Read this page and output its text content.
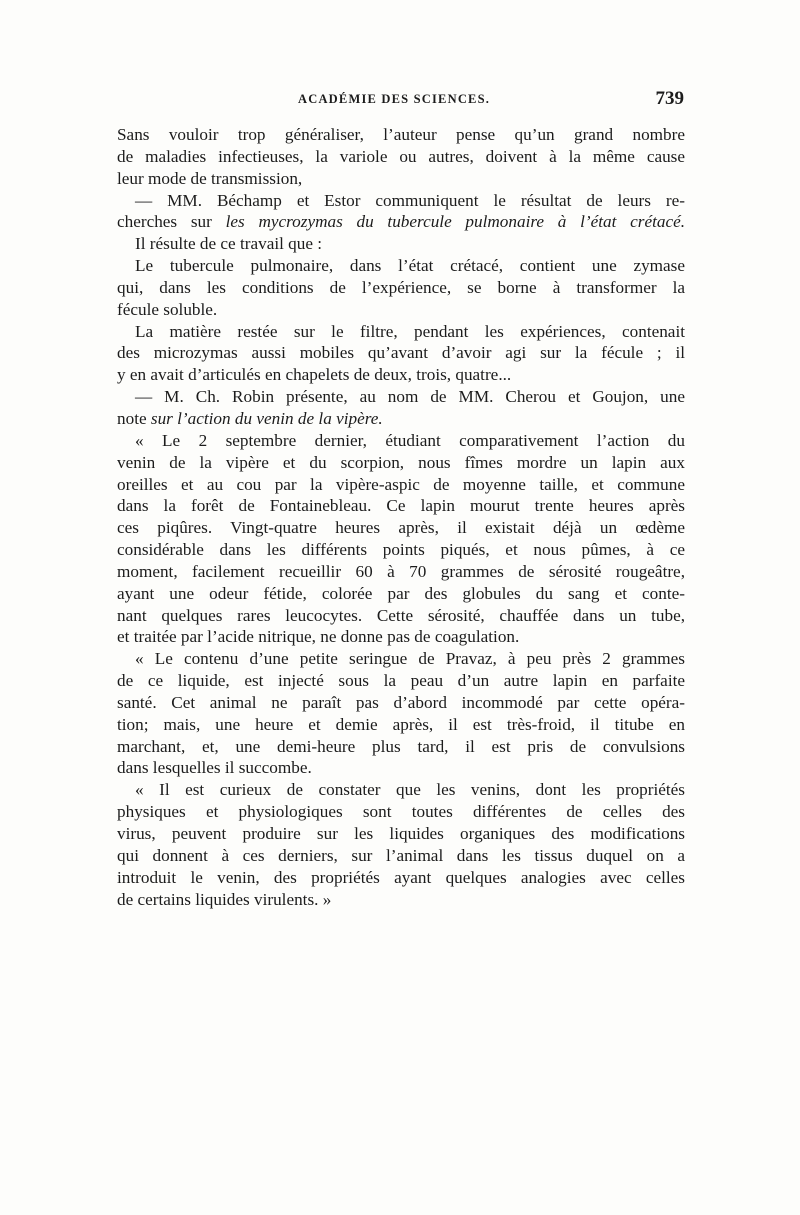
ACADÉMIE DES SCIENCES.	739
Sans vouloir trop généraliser, l’auteur pense qu’un grand nombre
de maladies infectieuses, la variole ou autres, doivent à la même cause
leur mode de transmission,
— MM. Béchamp et Estor communiquent le résultat de leurs re-
cherches sur les mycrozymas du tubercule pulmonaire à l’état crétacé.
Il résulte de ce travail que :
Le tubercule pulmonaire, dans l’état crétacé, contient une zymase
qui, dans les conditions de l’expérience, se borne à transformer la
fécule soluble.
La matière restée sur le filtre, pendant les expériences, contenait
des microzymas aussi mobiles qu’avant d’avoir agi sur la fécule ; il
y en avait d’articulés en chapelets de deux, trois, quatre...
— M. Ch. Robin présente, au nom de MM. Cherou et Goujon, une
note sur l’action du venin de la vipère.
« Le 2 septembre dernier, étudiant comparativement l’action du
venin de la vipère et du scorpion, nous fîmes mordre un lapin aux
oreilles et au cou par la vipère-aspic de moyenne taille, et commune
dans la forêt de Fontainebleau. Ce lapin mourut trente heures après
ces piqûres. Vingt-quatre heures après, il existait déjà un œdème
considérable dans les différents points piqués, et nous pûmes, à ce
moment, facilement recueillir 60 à 70 grammes de sérosité rougeâtre,
ayant une odeur fétide, colorée par des globules du sang et conte-
nant quelques rares leucocytes. Cette sérosité, chauffée dans un tube,
et traitée par l’acide nitrique, ne donne pas de coagulation.
« Le contenu d’une petite seringue de Pravaz, à peu près 2 grammes
de ce liquide, est injecté sous la peau d’un autre lapin en parfaite
santé. Cet animal ne paraît pas d’abord incommodé par cette opéra-
tion; mais, une heure et demie après, il est très-froid, il titube en
marchant, et, une demi-heure plus tard, il est pris de convulsions
dans lesquelles il succombe.
« Il est curieux de constater que les venins, dont les propriétés
physiques et physiologiques sont toutes différentes de celles des
virus, peuvent produire sur les liquides organiques des modifications
qui donnent à ces derniers, sur l’animal dans les tissus duquel on a
introduit le venin, des propriétés ayant quelques analogies avec celles
de certains liquides virulents. »
